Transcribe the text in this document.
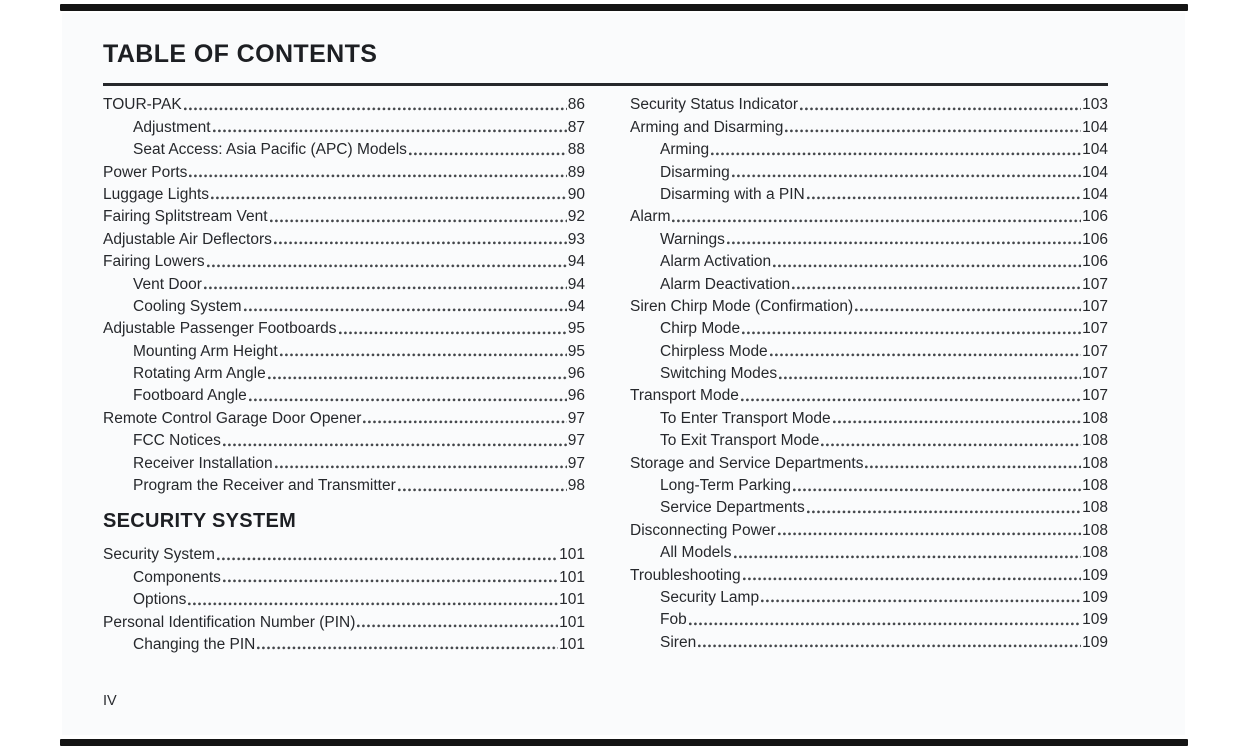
TABLE OF CONTENTS
TOUR-PAK	86
Adjustment	87
Seat Access: Asia Pacific (APC) Models	88
Power Ports	89
Luggage Lights	90
Fairing Splitstream Vent	92
Adjustable Air Deflectors	93
Fairing Lowers	94
Vent Door	94
Cooling System	94
Adjustable Passenger Footboards	95
Mounting Arm Height	95
Rotating Arm Angle	96
Footboard Angle	96
Remote Control Garage Door Opener	97
FCC Notices	97
Receiver Installation	97
Program the Receiver and Transmitter	98
SECURITY SYSTEM
Security System	101
Components	101
Options	101
Personal Identification Number (PIN)	101
Changing the PIN	101
Security Status Indicator	103
Arming and Disarming	104
Arming	104
Disarming	104
Disarming with a PIN	104
Alarm	106
Warnings	106
Alarm Activation	106
Alarm Deactivation	107
Siren Chirp Mode (Confirmation)	107
Chirp Mode	107
Chirpless Mode	107
Switching Modes	107
Transport Mode	107
To Enter Transport Mode	108
To Exit Transport Mode	108
Storage and Service Departments	108
Long-Term Parking	108
Service Departments	108
Disconnecting Power	108
All Models	108
Troubleshooting	109
Security Lamp	109
Fob	109
Siren	109
IV
